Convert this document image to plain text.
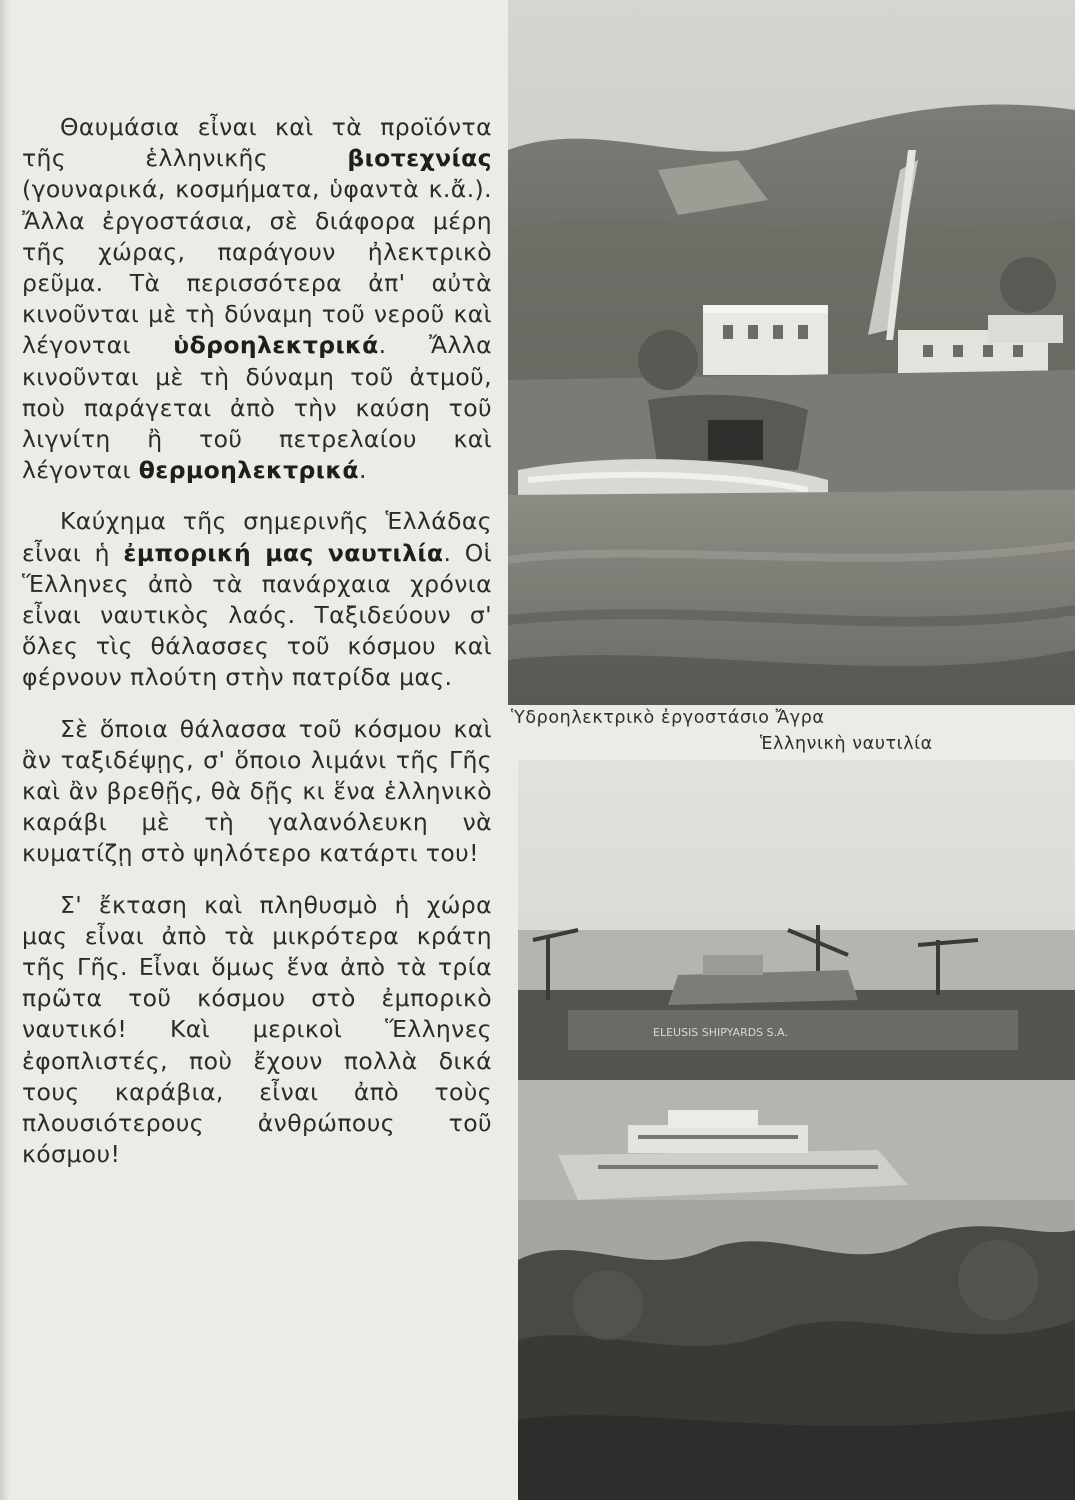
Θαυμάσια εἶναι καὶ τὰ προϊόντα τῆς ἑλληνικῆς βιοτεχνίας (γουναρικά, κοσμήματα, ὑφαντὰ κ.ἄ.). Ἄλλα ἐργοστάσια, σὲ διάφορα μέρη τῆς χώρας, παράγουν ἠλεκτρικὸ ρεῦμα. Τὰ περισσότερα ἀπ' αὐτὰ κινοῦνται μὲ τὴ δύναμη τοῦ νεροῦ καὶ λέγονται ὑδροηλεκτρικά. Ἄλλα κινοῦνται μὲ τὴ δύναμη τοῦ ἀτμοῦ, ποὺ παράγεται ἀπὸ τὴν καύση τοῦ λιγνίτη ἢ τοῦ πετρελαίου καὶ λέγονται θερμοηλεκτρικά.

Καύχημα τῆς σημερινῆς Ἑλλάδας εἶναι ἡ ἐμπορική μας ναυτιλία. Οἱ Ἕλληνες ἀπὸ τὰ πανάρχαια χρόνια εἶναι ναυτικὸς λαός. Ταξιδεύουν σ' ὅλες τὶς θάλασσες τοῦ κόσμου καὶ φέρνουν πλούτη στὴν πατρίδα μας.

Σὲ ὅποια θάλασσα τοῦ κόσμου καὶ ἂν ταξιδέψῃς, σ' ὅποιο λιμάνι τῆς Γῆς καὶ ἂν βρεθῇς, θὰ δῇς κι ἕνα ἑλληνικὸ καράβι μὲ τὴ γαλανόλευκη νὰ κυματίζῃ στὸ ψηλότερο κατάρτι του!

Σ' ἔκταση καὶ πληθυσμὸ ἡ χώρα μας εἶναι ἀπὸ τὰ μικρότερα κράτη τῆς Γῆς. Εἶναι ὅμως ἕνα ἀπὸ τὰ τρία πρῶτα τοῦ κόσμου στὸ ἐμπορικὸ ναυτικό! Καὶ μερικοὶ Ἕλληνες ἐφοπλιστές, ποὺ ἔχουν πολλὰ δικά τους καράβια, εἶναι ἀπὸ τοὺς πλουσιότερους ἀνθρώπους τοῦ κόσμου!

Ὑδροηλεκτρικὸ ἐργοστάσιο Ἄγρα
Ἑλληνικὴ ναυτιλία
ELEUSIS SHIPYARDS S.A.
